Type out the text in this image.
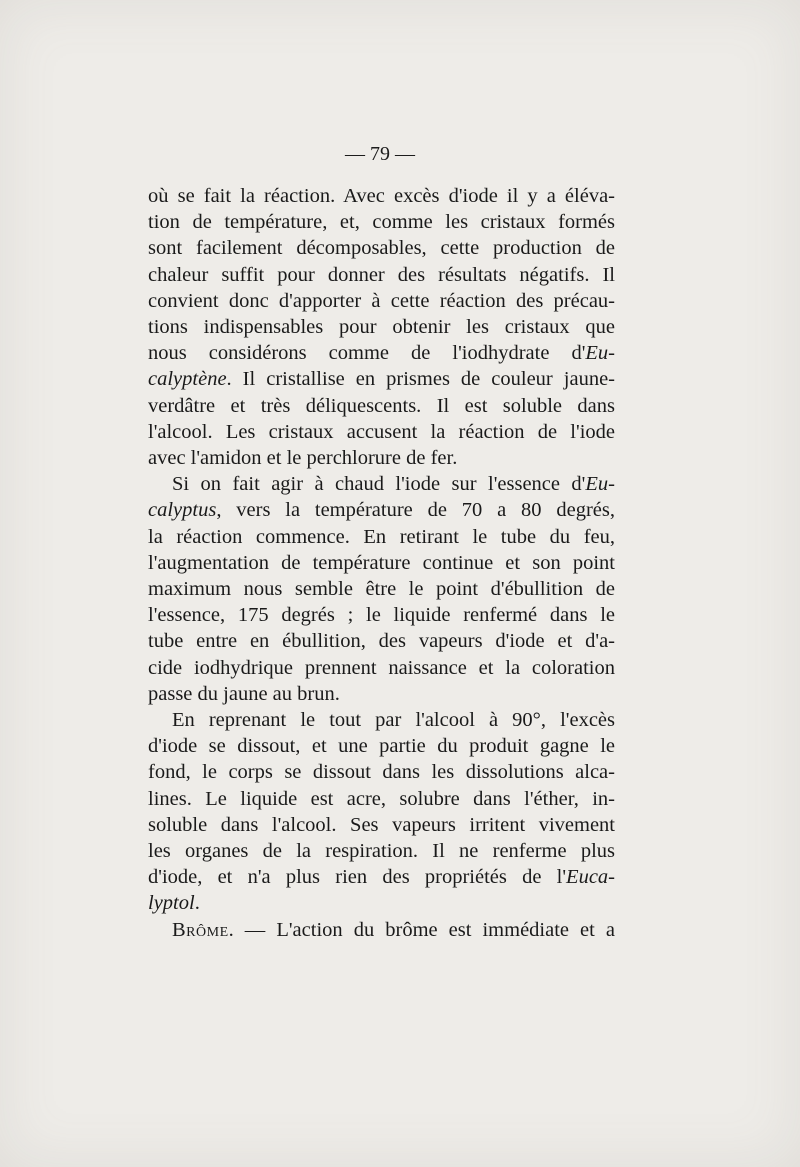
— 79 —
où se fait la réaction. Avec excès d'iode il y a éléva-
tion de température, et, comme les cristaux formés
sont facilement décomposables, cette production de
chaleur suffit pour donner des résultats négatifs. Il
convient donc d'apporter à cette réaction des précau-
tions indispensables pour obtenir les cristaux que
nous considérons comme de l'iodhydrate d'Eu-
calyptène. Il cristallise en prismes de couleur jaune-
verdâtre et très déliquescents. Il est soluble dans
l'alcool. Les cristaux accusent la réaction de l'iode
avec l'amidon et le perchlorure de fer.
Si on fait agir à chaud l'iode sur l'essence d'Eu-
calyptus, vers la température de 70 a 80 degrés,
la réaction commence. En retirant le tube du feu,
l'augmentation de température continue et son point
maximum nous semble être le point d'ébullition de
l'essence, 175 degrés ; le liquide renfermé dans le
tube entre en ébullition, des vapeurs d'iode et d'a-
cide iodhydrique prennent naissance et la coloration
passe du jaune au brun.
En reprenant le tout par l'alcool à 90°, l'excès
d'iode se dissout, et une partie du produit gagne le
fond, le corps se dissout dans les dissolutions alca-
lines. Le liquide est acre, solubre dans l'éther, in-
soluble dans l'alcool. Ses vapeurs irritent vivement
les organes de la respiration. Il ne renferme plus
d'iode, et n'a plus rien des propriétés de l'Euca-
lyptol.
Brôme. — L'action du brôme est immédiate et a
